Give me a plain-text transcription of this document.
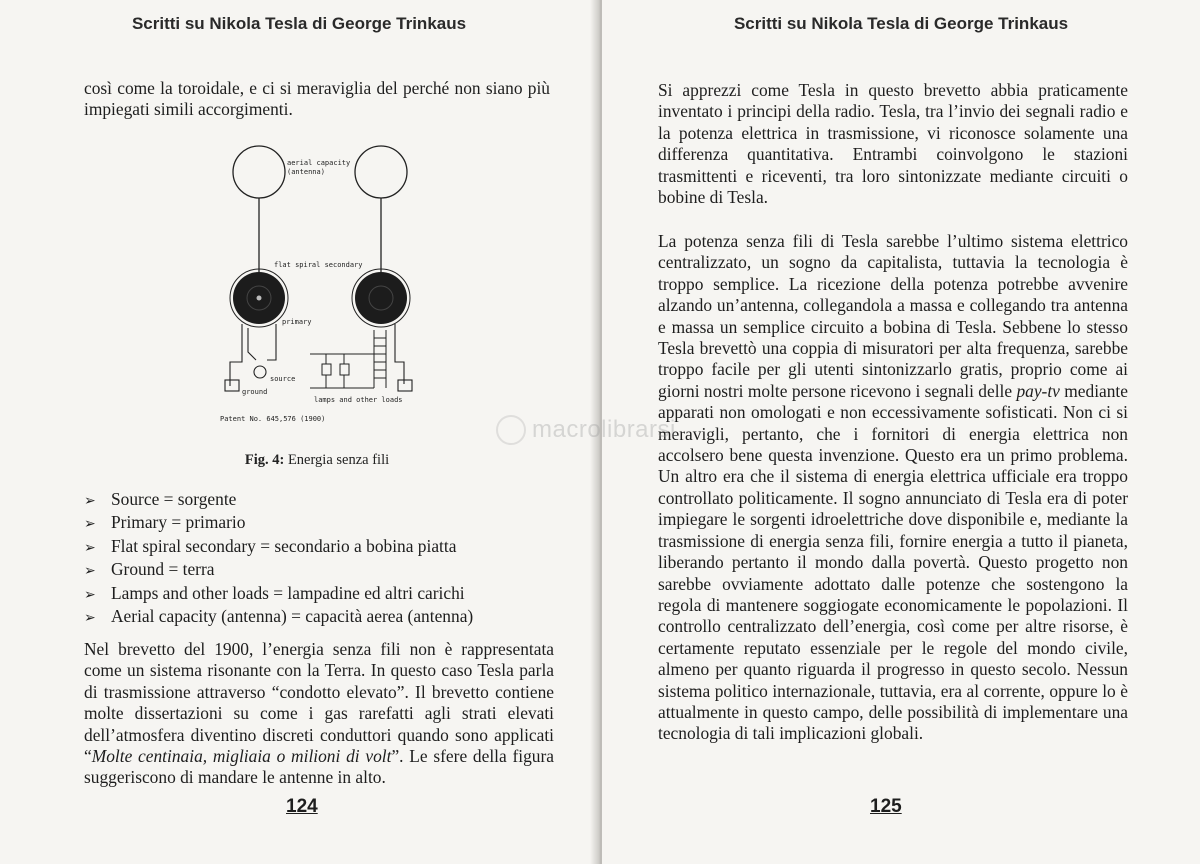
Scritti su Nikola Tesla di George Trinkaus
così come la toroidale, e ci si meraviglia del perché non siano più impiegati simili accorgimenti.
aerial capacity
(antenna)
flat spiral secondary
primary
source
ground
lamps and other loads
Patent No. 645,576 (1900)
Fig. 4: Energia senza fili
➢ Source = sorgente
➢ Primary = primario
➢ Flat spiral secondary = secondario a bobina piatta
➢ Ground = terra
➢ Lamps and other loads = lampadine ed altri carichi
➢ Aerial capacity (antenna) = capacità aerea (antenna)
Nel brevetto del 1900, l’energia senza fili non è rappresentata come un sistema risonante con la Terra. In questo caso Tesla parla di trasmissione attraverso “condotto elevato”. Il brevetto contiene molte dissertazioni su come i gas rarefatti agli strati elevati dell’atmosfera diventino discreti conduttori quando sono applicati “Molte centinaia, migliaia o milioni di volt”. Le sfere della figura suggeriscono di mandare le antenne in alto.
124
Scritti su Nikola Tesla di George Trinkaus
Si apprezzi come Tesla in questo brevetto abbia praticamente inventato i principi della radio. Tesla, tra l’invio dei segnali radio e la potenza elettrica in trasmissione, vi riconosce solamente una differenza quantitativa. Entrambi coinvolgono le stazioni trasmittenti e riceventi, tra loro sintonizzate mediante circuiti o bobine di Tesla.
La potenza senza fili di Tesla sarebbe l’ultimo sistema elettrico centralizzato, un sogno da capitalista, tuttavia la tecnologia è troppo semplice. La ricezione della potenza potrebbe avvenire alzando un’antenna, collegandola a massa e collegando tra antenna e massa un semplice circuito a bobina di Tesla. Sebbene lo stesso Tesla brevettò una coppia di misuratori per alta frequenza, sarebbe troppo facile per gli utenti sintonizzarlo gratis, proprio come ai giorni nostri molte persone ricevono i segnali delle pay-tv mediante apparati non omologati e non eccessivamente sofisticati. Non ci si meravigli, pertanto, che i fornitori di energia elettrica non accolsero bene questa invenzione. Questo era un primo problema. Un altro era che il sistema di energia elettrica ufficiale era troppo controllato politicamente. Il sogno annunciato di Tesla era di poter impiegare le sorgenti idroelettriche dove disponibile e, mediante la trasmissione di energia senza fili, fornire energia a tutto il pianeta, liberando pertanto il mondo dalla povertà. Questo progetto non sarebbe ovviamente adottato dalle potenze che sostengono la regola di mantenere soggiogate economicamente le popolazioni. Il controllo centralizzato dell’energia, così come per altre risorse, è certamente reputato essenziale per le regole del mondo civile, almeno per quanto riguarda il progresso in questo secolo. Nessun sistema politico internazionale, tuttavia, era al corrente, oppure lo è attualmente in questo campo, delle possibilità di implementare una tecnologia di tali implicazioni globali.
125
macrolibrarsi
